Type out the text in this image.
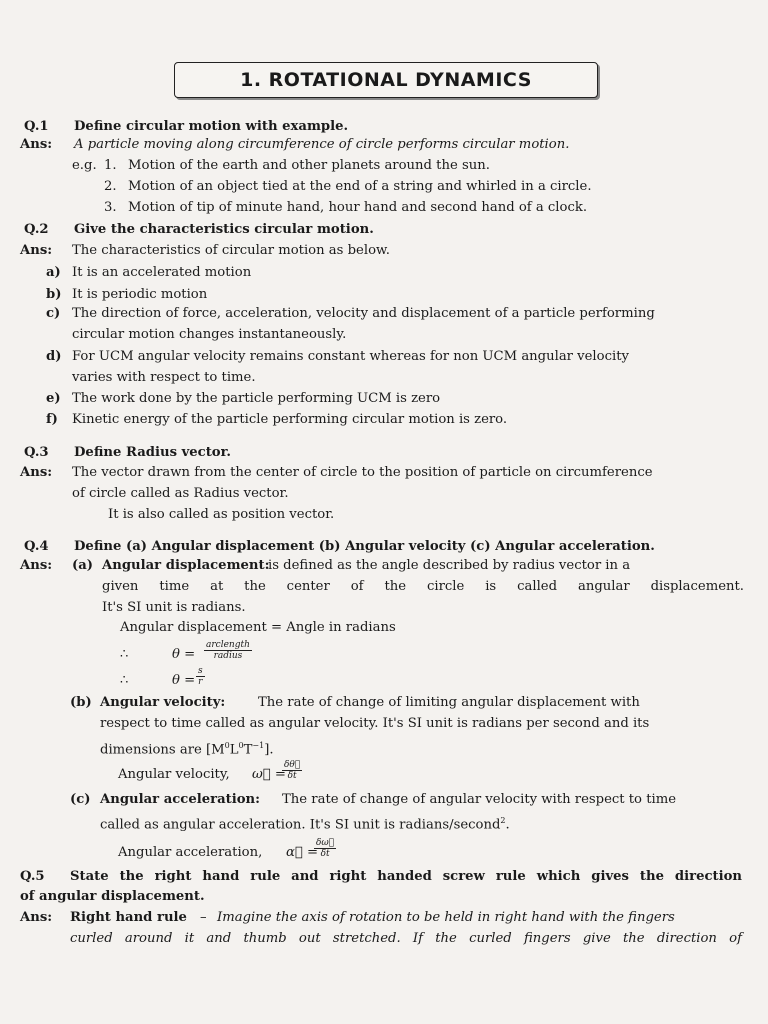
1. ROTATIONAL DYNAMICS
Q.1 Define circular motion with example.
Ans: A particle moving along circumference of circle performs circular motion.
e.g. 1. Motion of the earth and other planets around the sun.
2. Motion of an object tied at the end of a string and whirled in a circle.
3. Motion of tip of minute hand, hour hand and second hand of a clock.
Q.2 Give the characteristics circular motion.
Ans: The characteristics of circular motion as below.
a) It is an accelerated motion
b) It is periodic motion
c) The direction of force, acceleration, velocity and displacement of a particle performing
circular motion changes instantaneously.
d) For UCM angular velocity remains constant whereas for non UCM angular velocity
varies with respect to time.
e) The work done by the particle performing UCM is zero
f) Kinetic energy of the particle performing circular motion is zero.
Q.3 Define Radius vector.
Ans: The vector drawn from the center of circle to the position of particle on circumference
of circle called as Radius vector.
It is also called as position vector.
Q.4 Define (a) Angular displacement (b) Angular velocity (c) Angular acceleration.
Ans: (a) Angular displacement:
is defined as the angle described by radius vector in a
given time at the center of the circle is called angular displacement.
It's SI unit is radians.
Angular displacement = Angle in radians
∴	θ =
arclength
radius
∴	$\theta = \frac{s}{r}$
(b) Angular velocity: The rate of change of limiting angular displacement with
respect to time called as angular velocity. It's SI unit is radians per second and its
dimensions are $[M^0L^0T^{-1}]$.
Angular velocity, ω⃗ =
$\frac{\delta\theta⃗}{\delta t}$
(c) Angular acceleration: The rate of change of angular velocity with respect to time
called as angular acceleration. It's SI unit is radians/second$^2$.
Angular acceleration, α⃗ =
$\frac{\delta\omega⃗}{\delta t}$
Q.5 State the right hand rule and right handed screw rule which gives the direction
of angular displacement.
Ans: Right hand rule – Imagine the axis of rotation to be held in right hand with the fingers
curled around it and thumb out stretched. If the curled fingers give the direction of
